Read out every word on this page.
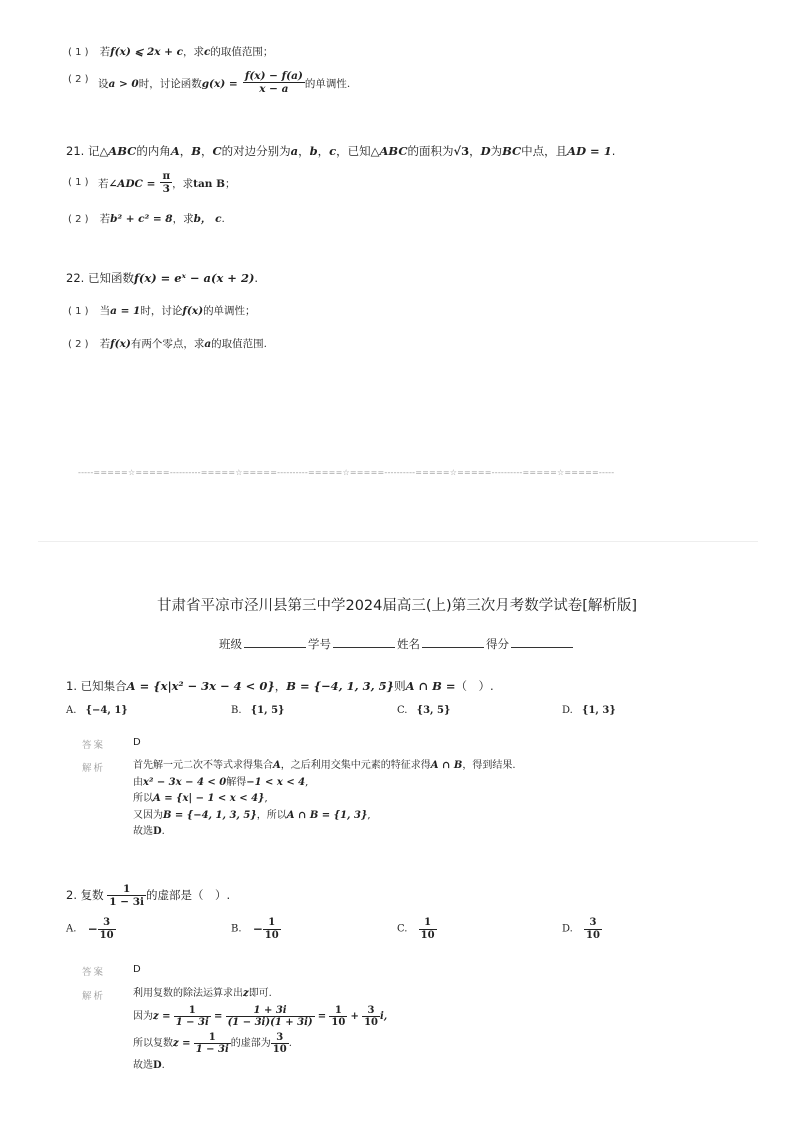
( 1 ) 若f(x) ⩽ 2x + c，求c的取值范围；
( 2 ) 设a > 0时，讨论函数$g(x) = \frac{f(x) - f(a)}{x - a}$ 的单调性.
21. 记△ABC的内角A，B，C的对边分别为a，b，c，已知△ABC的面积为√3，D为BC中点，且AD = 1.
( 1 ) 若∠ADC = $\frac{\pi}{3}$ ，求tan B；
( 2 ) 若b² + c² = 8，求b， c.
22. 已知函数f(x) = eˣ − a(x + 2).
( 1 ) 当a = 1时，讨论f(x)的单调性；
( 2 ) 若f(x)有两个零点，求a的取值范围.
-----=====☆=====----------=====☆=====----------=====☆=====----------=====☆=====----------=====☆=====-----
甘肃省平凉市泾川县第三中学2024届高三(上)第三次月考数学试卷[解析版]
班级	学号	姓名	得分
1. 已知集合A = {x|x² − 3x − 4 < 0}，B = {−4, 1, 3, 5}则A ∩ B =（　）.
A. {−4, 1}	B. {1, 5}	C. {3, 5}	D. {1, 3}
答案	D
解析	首先解一元二次不等式求得集合A，之后利用交集中元素的特征求得A ∩ B，得到结果.
由x² − 3x − 4 < 0解得−1 < x < 4,
所以A = {x| − 1 < x < 4},
又因为B = {−4, 1, 3, 5}，所以A ∩ B = {1, 3},
故选D.
2. 复数 $\frac{1}{1 - 3i}$ 的虚部是（　）.
A. − $\frac{3}{10}$	B. − $\frac{1}{10}$	C. $\frac{1}{10}$	D. $\frac{3}{10}$
答案	D
解析	利用复数的除法运算求出z即可.
因为$z = \frac{1}{1 - 3i} = \frac{1 + 3i}{(1 - 3i)(1 + 3i)} = \frac{1}{10} + \frac{3}{10} i$,
所以复数$z = \frac{1}{1 - 3i}$ 的虚部为 $\frac{3}{10}$ .
故选D.
